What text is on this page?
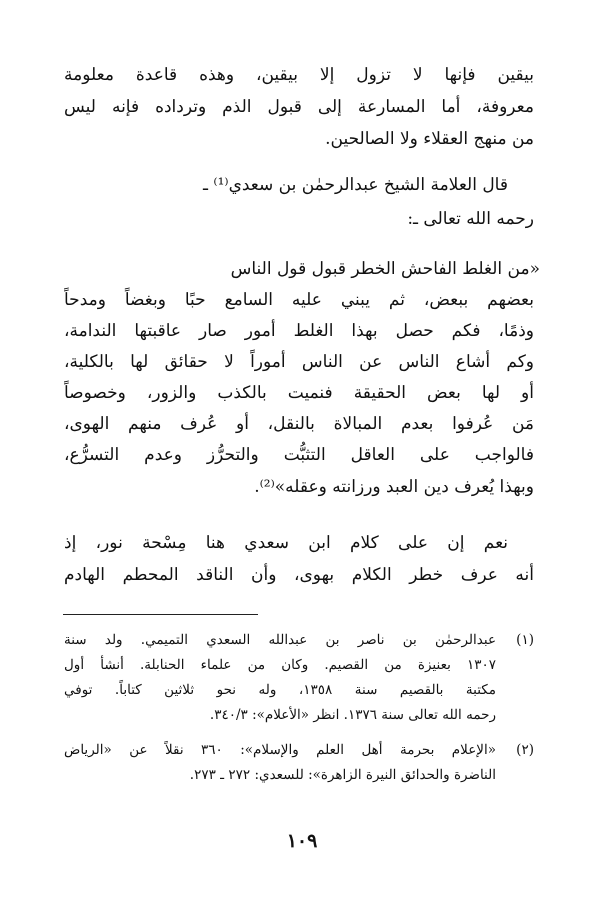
بيقين فإنها لا تزول إلا بيقين، وهذه قاعدة معلومة
معروفة، أما المسارعة إلى قبول الذم وترداده فإنه ليس
من منهج العقلاء ولا الصالحين.
قال العلامة الشيخ عبدالرحمٰن بن سعدي⁽¹⁾ ـ
رحمه الله تعالى ـ:
«من الغلط الفاحش الخطر قبول قول الناس
بعضهم ببعض، ثم يبني عليه السامع حبًا وبغضاً ومدحاً
وذمًا، فكم حصل بهذا الغلط أمور صار عاقبتها الندامة،
وكم أشاع الناس عن الناس أموراً لا حقائق لها بالكلية،
أو لها بعض الحقيقة فنميت بالكذب والزور، وخصوصاً
مَن عُرفوا بعدم المبالاة بالنقل، أو عُرف منهم الهوى،
فالواجب على العاقل التثبُّت والتحرُّز وعدم التسرُّع،
وبهذا يُعرف دين العبد ورزانته وعقله»⁽²⁾.
نعم إن على كلام ابن سعدي هنا مِسْحة نور، إذ
أنه عرف خطر الكلام بهوى، وأن الناقد المحطم الهادم
(١)
عبدالرحمٰن بن ناصر بن عبدالله السعدي التميمي. ولد سنة
١٣٠٧ بعنيزة من القصيم. وكان من علماء الحنابلة. أنشأ أول
مكتبة بالقصيم سنة ١٣٥٨، وله نحو ثلاثين كتاباً. توفي
رحمه الله تعالى سنة ١٣٧٦. انظر «الأعلام»: ٣٤٠/٣.
(٢)
«الإعلام بحرمة أهل العلم والإسلام»: ٣٦٠ نقلاً عن «الرياض
الناضرة والحدائق النيرة الزاهرة»: للسعدي: ٢٧٢ ـ ٢٧٣.
١٠٩
